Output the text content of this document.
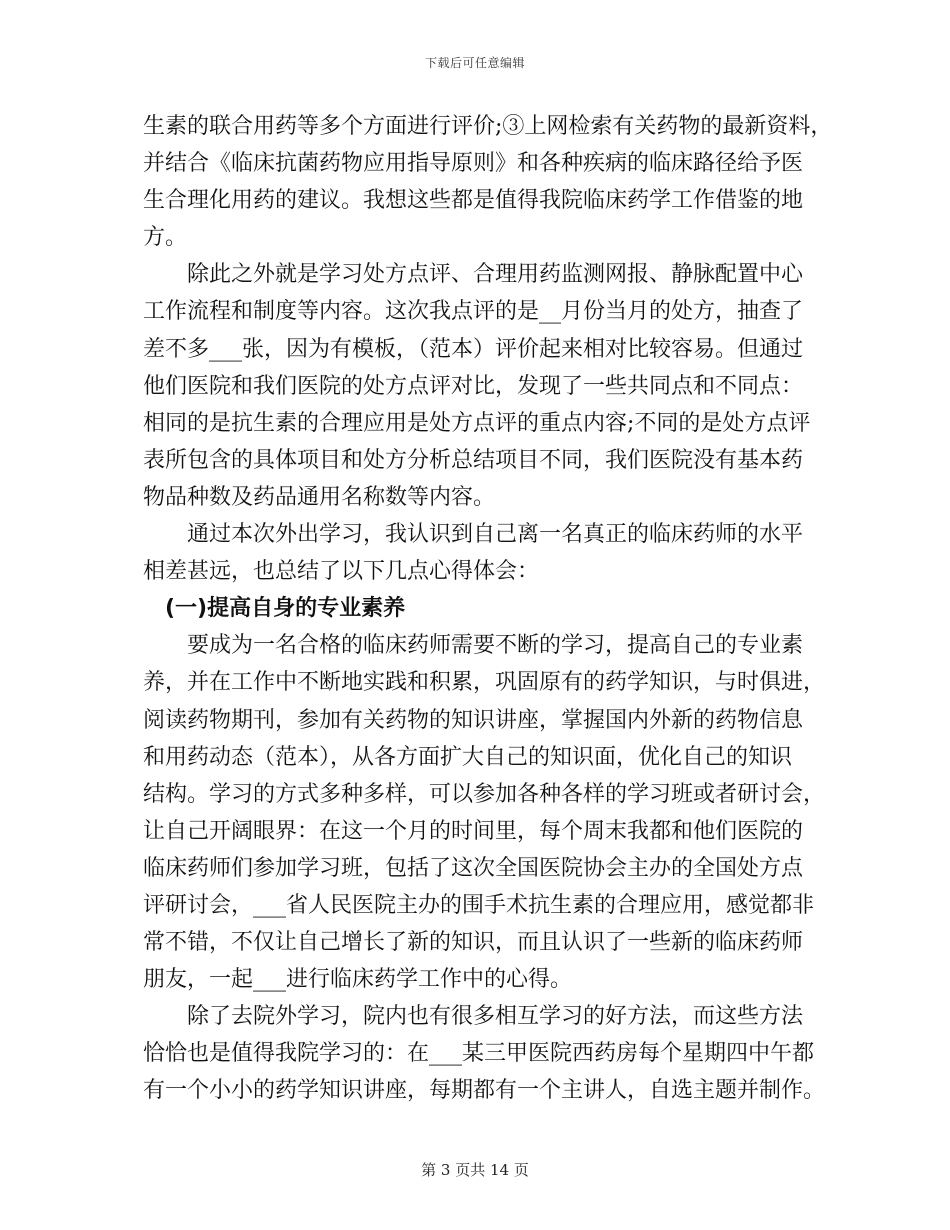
下载后可任意编辑
生素的联合用药等多个方面进行评价;③上网检索有关药物的最新资料，
并结合《临床抗菌药物应用指导原则》和各种疾病的临床路径给予医
生合理化用药的建议。我想这些都是值得我院临床药学工作借鉴的地
方。
除此之外就是学习处方点评、合理用药监测网报、静脉配置中心
工作流程和制度等内容。这次我点评的是__月份当月的处方，抽查了
差不多___张，因为有模板，（范本）评价起来相对比较容易。但通过
他们医院和我们医院的处方点评对比，发现了一些共同点和不同点：
相同的是抗生素的合理应用是处方点评的重点内容;不同的是处方点评
表所包含的具体项目和处方分析总结项目不同，我们医院没有基本药
物品种数及药品通用名称数等内容。
通过本次外出学习，我认识到自己离一名真正的临床药师的水平
相差甚远，也总结了以下几点心得体会：
(一)提高自身的专业素养
要成为一名合格的临床药师需要不断的学习，提高自己的专业素
养，并在工作中不断地实践和积累，巩固原有的药学知识，与时俱进，
阅读药物期刊，参加有关药物的知识讲座，掌握国内外新的药物信息
和用药动态（范本），从各方面扩大自己的知识面，优化自己的知识
结构。学习的方式多种多样，可以参加各种各样的学习班或者研讨会，
让自己开阔眼界：在这一个月的时间里，每个周末我都和他们医院的
临床药师们参加学习班，包括了这次全国医院协会主办的全国处方点
评研讨会，___省人民医院主办的围手术抗生素的合理应用，感觉都非
常不错，不仅让自己增长了新的知识，而且认识了一些新的临床药师
朋友，一起___进行临床药学工作中的心得。
除了去院外学习，院内也有很多相互学习的好方法，而这些方法
恰恰也是值得我院学习的：在___某三甲医院西药房每个星期四中午都
有一个小小的药学知识讲座，每期都有一个主讲人，自选主题并制作。
第 3 页共 14 页
